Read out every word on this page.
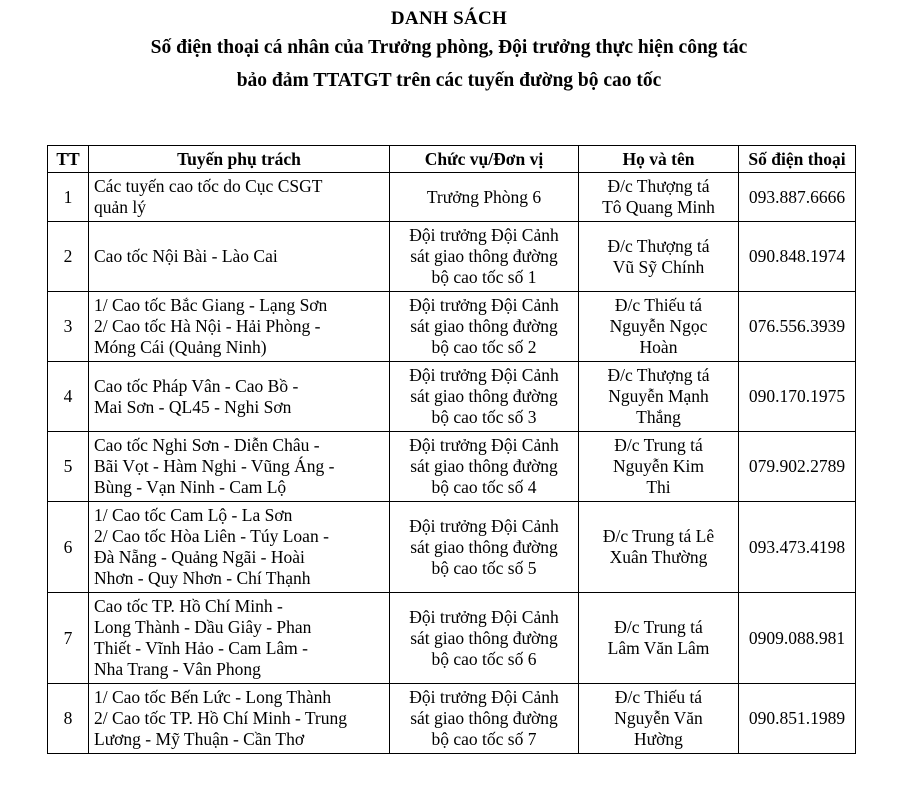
DANH SÁCH
Số điện thoại cá nhân của Trưởng phòng, Đội trưởng thực hiện công tác
bảo đảm TTATGT trên các tuyến đường bộ cao tốc
TT	Tuyến phụ trách	Chức vụ/Đơn vị	Họ và tên	Số điện thoại
1	Các tuyến cao tốc do Cục CSGT
quản lý	Trưởng Phòng 6	Đ/c Thượng tá
Tô Quang Minh	093.887.6666
2	Cao tốc Nội Bài - Lào Cai	Đội trưởng Đội Cảnh
sát giao thông đường
bộ cao tốc số 1	Đ/c Thượng tá
Vũ Sỹ Chính	090.848.1974
3	1/ Cao tốc Bắc Giang - Lạng Sơn
2/ Cao tốc Hà Nội - Hải Phòng -
Móng Cái (Quảng Ninh)	Đội trưởng Đội Cảnh
sát giao thông đường
bộ cao tốc số 2	Đ/c Thiếu tá
Nguyễn Ngọc
Hoàn	076.556.3939
4	Cao tốc Pháp Vân - Cao Bồ -
Mai Sơn - QL45 - Nghi Sơn	Đội trưởng Đội Cảnh
sát giao thông đường
bộ cao tốc số 3	Đ/c Thượng tá
Nguyễn Mạnh
Thắng	090.170.1975
5	Cao tốc Nghi Sơn - Diễn Châu -
Bãi Vọt - Hàm Nghi - Vũng Áng -
Bùng - Vạn Ninh - Cam Lộ	Đội trưởng Đội Cảnh
sát giao thông đường
bộ cao tốc số 4	Đ/c Trung tá
Nguyễn Kim
Thi	079.902.2789
6	1/ Cao tốc Cam Lộ - La Sơn
2/ Cao tốc Hòa Liên - Túy Loan -
Đà Nẵng - Quảng Ngãi - Hoài
Nhơn - Quy Nhơn - Chí Thạnh	Đội trưởng Đội Cảnh
sát giao thông đường
bộ cao tốc số 5	Đ/c Trung tá Lê
Xuân Thường	093.473.4198
7	Cao tốc TP. Hồ Chí Minh -
Long Thành - Dầu Giây - Phan
Thiết - Vĩnh Hảo - Cam Lâm -
Nha Trang - Vân Phong	Đội trưởng Đội Cảnh
sát giao thông đường
bộ cao tốc số 6	Đ/c Trung tá
Lâm Văn Lâm	0909.088.981
8	1/ Cao tốc Bến Lức - Long Thành
2/ Cao tốc TP. Hồ Chí Minh - Trung
Lương - Mỹ Thuận - Cần Thơ	Đội trưởng Đội Cảnh
sát giao thông đường
bộ cao tốc số 7	Đ/c Thiếu tá
Nguyễn Văn
Hường	090.851.1989
